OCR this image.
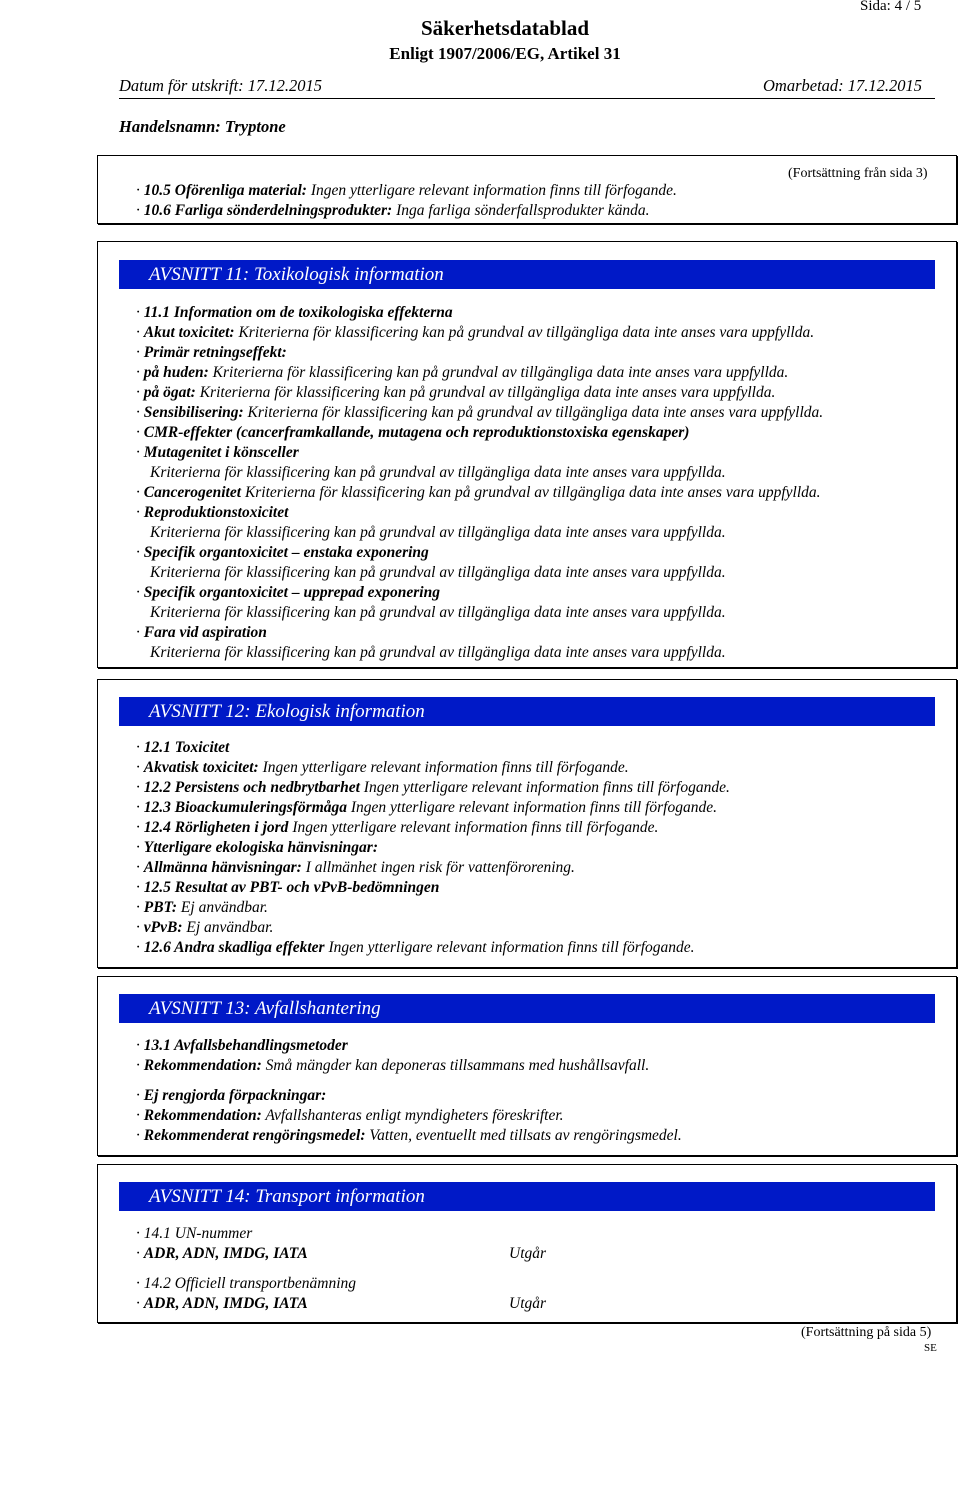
Sida: 4 / 5
Säkerhetsdatablad
Enligt 1907/2006/EG, Artikel 31
Datum för utskrift: 17.12.2015	Omarbetad: 17.12.2015
Handelsnamn: Tryptone
(Fortsättning från sida 3)
· 10.5 Oförenliga material: Ingen ytterligare relevant information finns till förfogande.
· 10.6 Farliga sönderdelningsprodukter: Inga farliga sönderfallsprodukter kända.
AVSNITT 11: Toxikologisk information
· 11.1 Information om de toxikologiska effekterna
· Akut toxicitet: Kriterierna för klassificering kan på grundval av tillgängliga data inte anses vara uppfyllda.
· Primär retningseffekt:
· på huden: Kriterierna för klassificering kan på grundval av tillgängliga data inte anses vara uppfyllda.
· på ögat: Kriterierna för klassificering kan på grundval av tillgängliga data inte anses vara uppfyllda.
· Sensibilisering: Kriterierna för klassificering kan på grundval av tillgängliga data inte anses vara uppfyllda.
· CMR-effekter (cancerframkallande, mutagena och reproduktionstoxiska egenskaper)
· Mutagenitet i könsceller
Kriterierna för klassificering kan på grundval av tillgängliga data inte anses vara uppfyllda.
· Cancerogenitet Kriterierna för klassificering kan på grundval av tillgängliga data inte anses vara uppfyllda.
· Reproduktionstoxicitet
Kriterierna för klassificering kan på grundval av tillgängliga data inte anses vara uppfyllda.
· Specifik organtoxicitet – enstaka exponering
Kriterierna för klassificering kan på grundval av tillgängliga data inte anses vara uppfyllda.
· Specifik organtoxicitet – upprepad exponering
Kriterierna för klassificering kan på grundval av tillgängliga data inte anses vara uppfyllda.
· Fara vid aspiration
Kriterierna för klassificering kan på grundval av tillgängliga data inte anses vara uppfyllda.
AVSNITT 12: Ekologisk information
· 12.1 Toxicitet
· Akvatisk toxicitet: Ingen ytterligare relevant information finns till förfogande.
· 12.2 Persistens och nedbrytbarhet Ingen ytterligare relevant information finns till förfogande.
· 12.3 Bioackumuleringsförmåga Ingen ytterligare relevant information finns till förfogande.
· 12.4 Rörligheten i jord Ingen ytterligare relevant information finns till förfogande.
· Ytterligare ekologiska hänvisningar:
· Allmänna hänvisningar: I allmänhet ingen risk för vattenförorening.
· 12.5 Resultat av PBT- och vPvB-bedömningen
· PBT: Ej användbar.
· vPvB: Ej användbar.
· 12.6 Andra skadliga effekter Ingen ytterligare relevant information finns till förfogande.
AVSNITT 13: Avfallshantering
· 13.1 Avfallsbehandlingsmetoder
· Rekommendation: Små mängder kan deponeras tillsammans med hushållsavfall.
· Ej rengjorda förpackningar:
· Rekommendation: Avfallshanteras enligt myndigheters föreskrifter.
· Rekommenderat rengöringsmedel: Vatten, eventuellt med tillsats av rengöringsmedel.
AVSNITT 14: Transport information
· 14.1 UN-nummer
· ADR, ADN, IMDG, IATA	Utgår
· 14.2 Officiell transportbenämning
· ADR, ADN, IMDG, IATA	Utgår
(Fortsättning på sida 5)
SE
